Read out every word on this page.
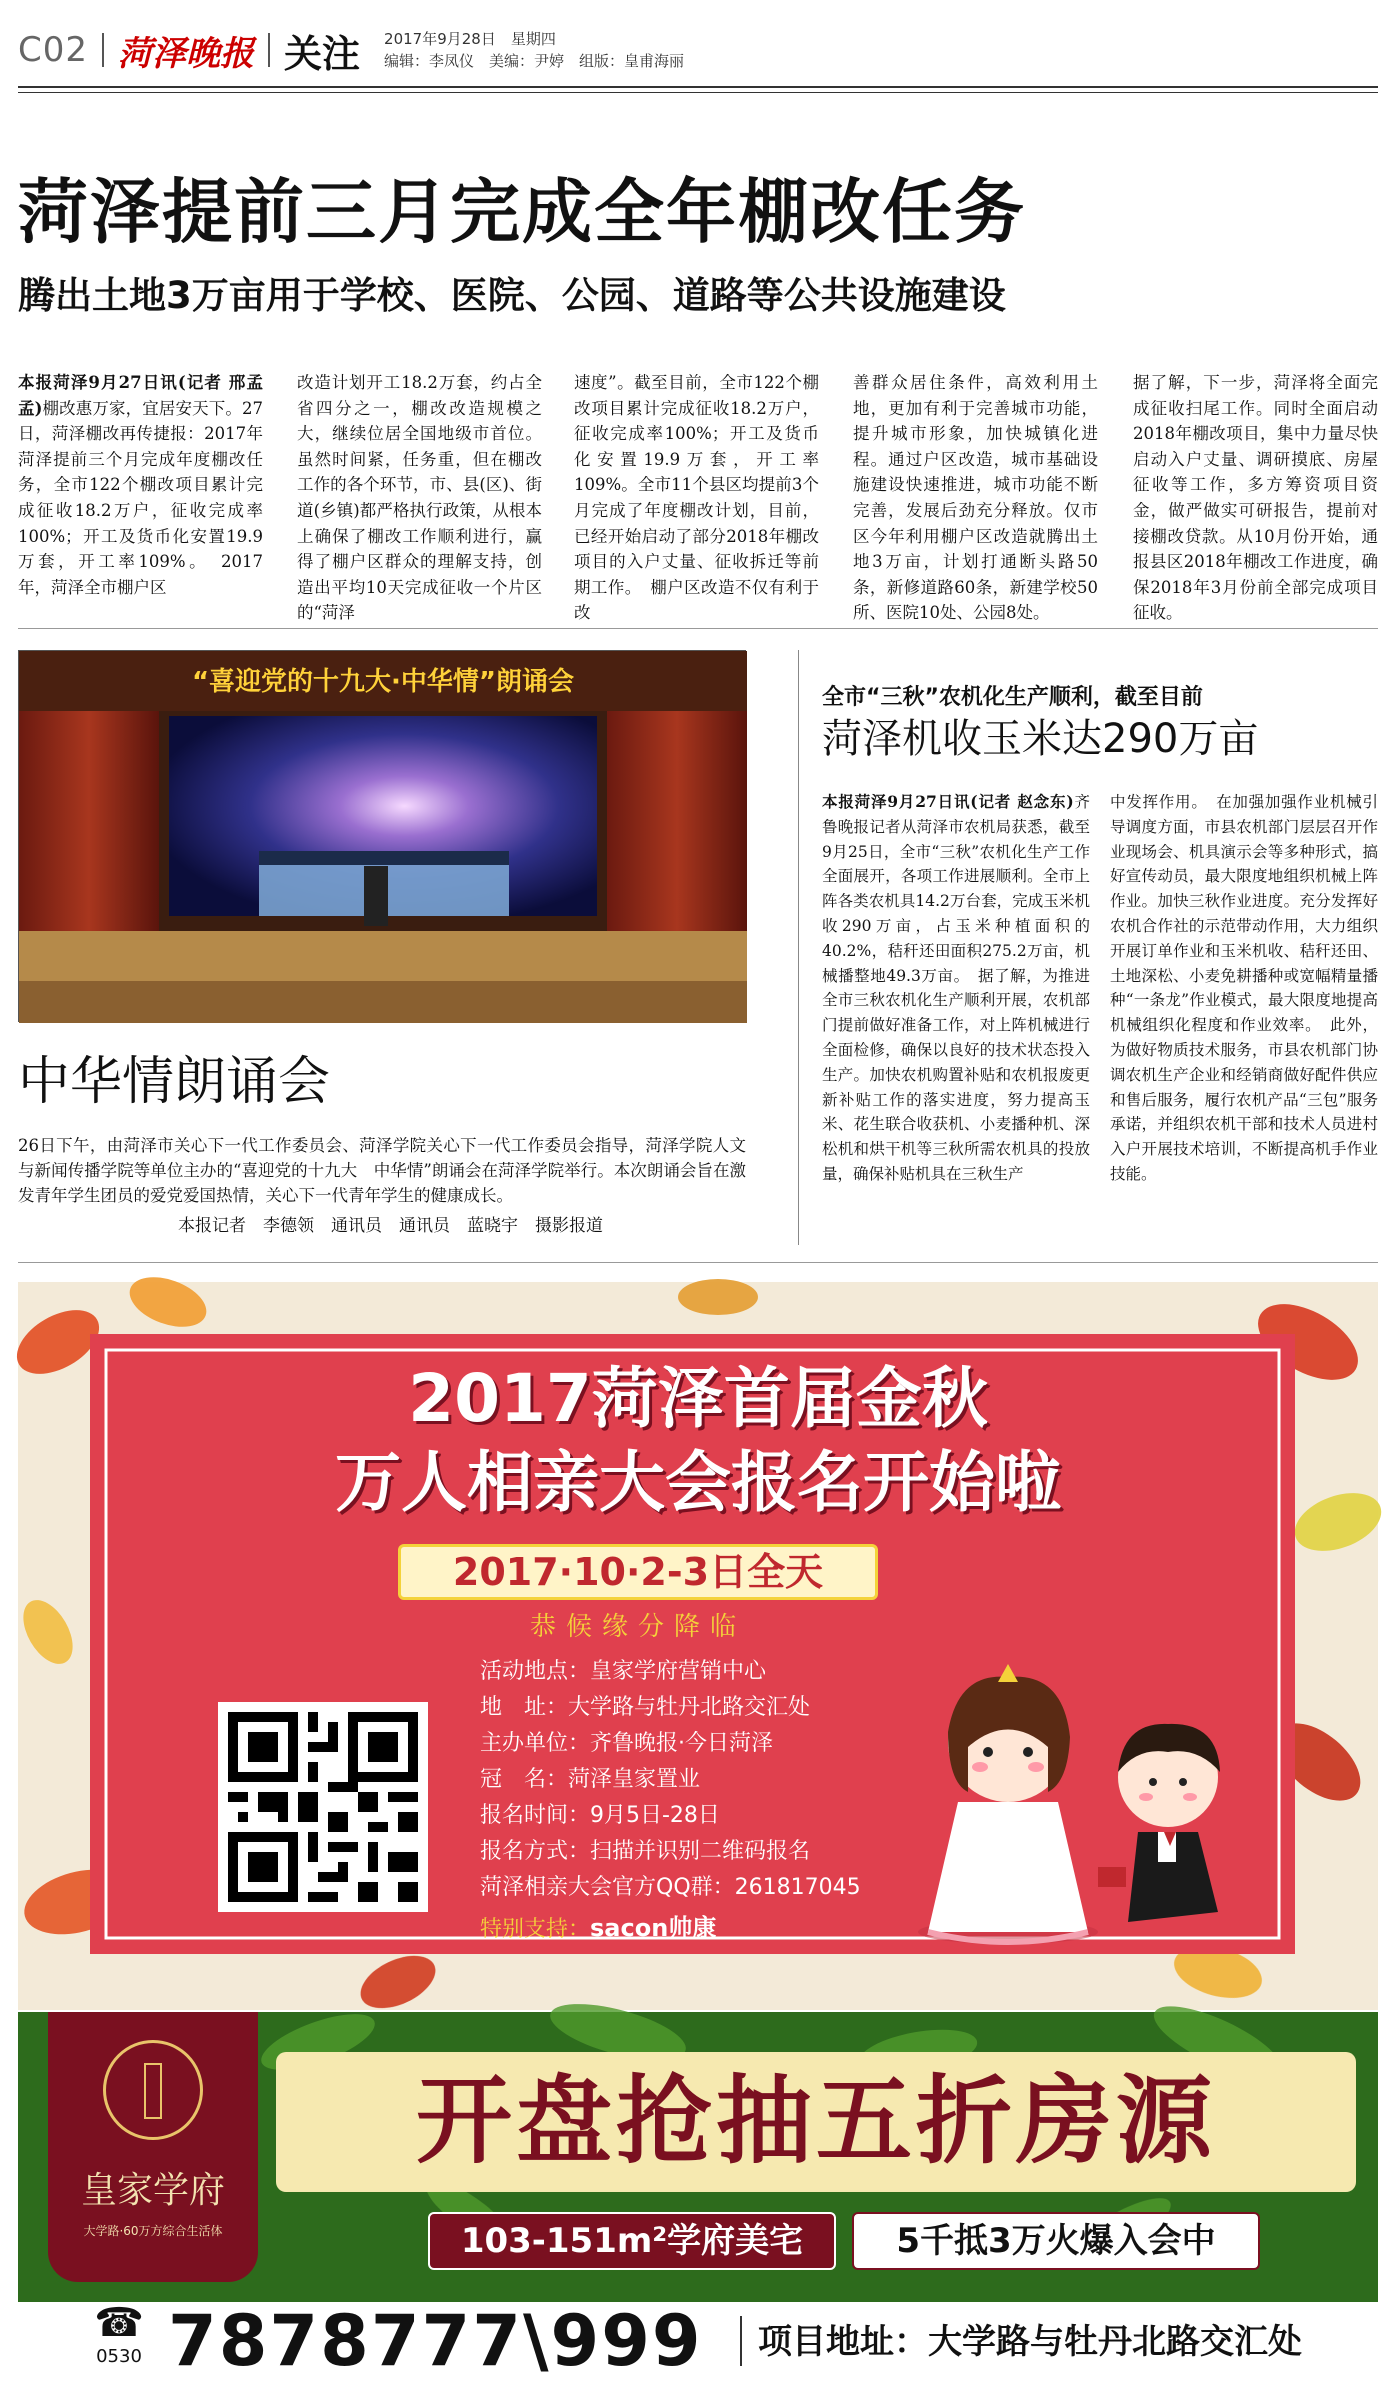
C02 菏泽晚报 关注 2017年9月28日　星期四
编辑：李凤仪　美编：尹婷　组版：皇甫海丽
菏泽提前三月完成全年棚改任务
腾出土地3万亩用于学校、医院、公园、道路等公共设施建设
本报菏泽9月27日讯(记者 邢孟孟)棚改惠万家，宜居安天下。27日，菏泽棚改再传捷报：2017年菏泽提前三个月完成年度棚改任务，全市122个棚改项目累计完成征收18.2万户，征收完成率100%；开工及货币化安置19.9万套，开工率109%。　2017年，菏泽全市棚户区
改造计划开工18.2万套，约占全省四分之一，棚改改造规模之大，继续位居全国地级市首位。虽然时间紧，任务重，但在棚改工作的各个环节，市、县(区)、街道(乡镇)都严格执行政策，从根本上确保了棚改工作顺利进行，赢得了棚户区群众的理解支持，创造出平均10天完成征收一个片区的“菏泽
速度”。截至目前，全市122个棚改项目累计完成征收18.2万户，征收完成率100%；开工及货币化安置19.9万套，开工率109%。全市11个县区均提前3个月完成了年度棚改计划，目前，已经开始启动了部分2018年棚改项目的入户丈量、征收拆迁等前期工作。　棚户区改造不仅有利于改
善群众居住条件，高效利用土地，更加有利于完善城市功能，提升城市形象，加快城镇化进程。通过户区改造，城市基础设施建设快速推进，城市功能不断完善，发展后劲充分释放。仅市区今年利用棚户区改造就腾出土地3万亩，计划打通断头路50条，新修道路60条，新建学校50所、医院10处、公园8处。
据了解，下一步，菏泽将全面完成征收扫尾工作。同时全面启动2018年棚改项目，集中力量尽快启动入户丈量、调研摸底、房屋征收等工作，多方筹资项目资金，做严做实可研报告，提前对接棚改贷款。从10月份开始，通报县区2018年棚改工作进度，确保2018年3月份前全部完成项目征收。
“喜迎党的十九大·中华情”朗诵会
中华情朗诵会
26日下午，由菏泽市关心下一代工作委员会、菏泽学院关心下一代工作委员会指导，菏泽学院人文与新闻传播学院等单位主办的“喜迎党的十九大　中华情”朗诵会在菏泽学院举行。本次朗诵会旨在激发青年学生团员的爱党爱国热情，关心下一代青年学生的健康成长。
本报记者　李德领　通讯员　通讯员　蓝晓宇　摄影报道
全市“三秋”农机化生产顺利，截至目前
菏泽机收玉米达290万亩
本报菏泽9月27日讯(记者 赵念东)齐鲁晚报记者从菏泽市农机局获悉，截至9月25日，全市“三秋”农机化生产工作全面展开，各项工作进展顺利。全市上阵各类农机具14.2万台套，完成玉米机收290万亩，占玉米种植面积的40.2%，秸秆还田面积275.2万亩，机械播整地49.3万亩。　据了解，为推进全市三秋农机化生产顺利开展，农机部门提前做好准备工作，对上阵机械进行全面检修，确保以良好的技术状态投入生产。加快农机购置补贴和农机报废更新补贴工作的落实进度，努力提高玉米、花生联合收获机、小麦播种机、深松机和烘干机等三秋所需农机具的投放量，确保补贴机具在三秋生产
中发挥作用。　在加强加强作业机械引导调度方面，市县农机部门层层召开作业现场会、机具演示会等多种形式，搞好宣传动员，最大限度地组织机械上阵作业。加快三秋作业进度。充分发挥好农机合作社的示范带动作用，大力组织开展订单作业和玉米机收、秸秆还田、土地深松、小麦免耕播种或宽幅精量播种“一条龙”作业模式，最大限度地提高机械组织化程度和作业效率。　此外，为做好物质技术服务，市县农机部门协调农机生产企业和经销商做好配件供应和售后服务，履行农机产品“三包”服务承诺，并组织农机干部和技术人员进村入户开展技术培训，不断提高机手作业技能。
2017菏泽首届金秋
万人相亲大会报名开始啦
2017·10·2-3日全天
恭候缘分降临
活动地点：皇家学府营销中心
地　址：大学路与牡丹北路交汇处
主办单位：齐鲁晚报·今日菏泽
冠　名：菏泽皇家置业
报名时间：9月5日-28日
报名方式：扫描并识别二维码报名
菏泽相亲大会官方QQ群：261817045
特别支持：sacon帅康
皇家学府
大学路·60万方综合生活体
开盘抢抽五折房源
103-151m²学府美宅	5千抵3万火爆入会中
☎
0530 7878777\999 项目地址：大学路与牡丹北路交汇处
